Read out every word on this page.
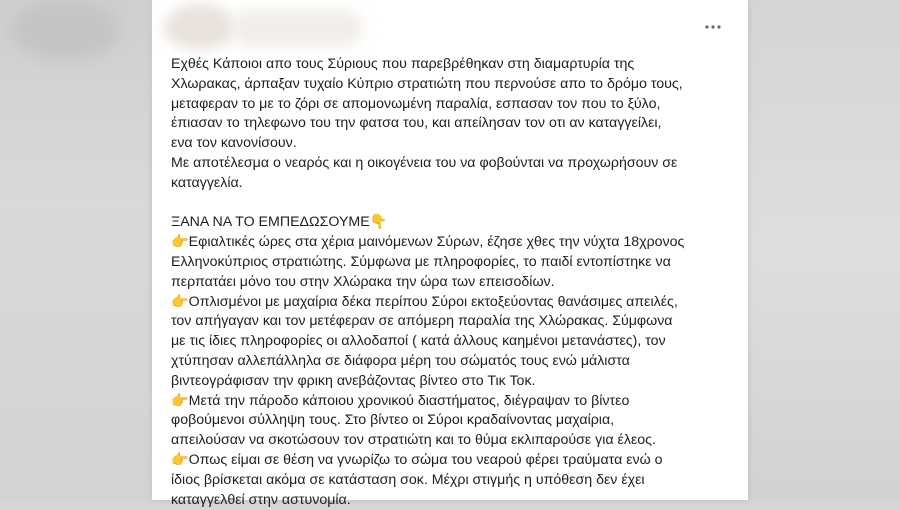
Εχθές Κάποιοι απο τους Σύριους που παρεβρέθηκαν στη διαμαρτυρία της

Χλωρακας, άρπαξαν τυχαίο Κύπριο στρατιώτη που περνούσε απο το δρόμο τους,

μεταφεραν το με το ζόρι σε απομονωμένη παραλία, εσπασαν τον που το ξύλο,

έπιασαν το τηλεφωνο του την φατσα του, και απείλησαν τον οτι αν καταγγείλει,

ενα τον κανονίσουν.

Με αποτέλεσμα ο νεαρός και η οικογένεια του να φοβούνται να προχωρήσουν σε

καταγγελία.

ΞΑΝΑ ΝΑ ΤΟ ΕΜΠΕΔΩΣΟΥΜΕ👇

👉Εφιαλτικές ώρες στα χέρια μαινόμενων Σύρων, έζησε χθες την νύχτα 18χρονος

Ελληνοκύπριος στρατιώτης. Σύμφωνα με πληροφορίες, το παιδί εντοπίστηκε να

περπατάει μόνο του στην Χλώρακα την ώρα των επεισοδίων.

👉Οπλισμένοι με μαχαίρια δέκα περίπου Σύροι εκτοξεύοντας θανάσιμες απειλές,

τον απήγαγαν και τον μετέφεραν σε απόμερη παραλία της Χλώρακας. Σύμφωνα

με τις ίδιες πληροφορίες οι αλλοδαποί ( κατά άλλους καημένοι μετανάστες), τον

χτύπησαν αλλεπάλληλα σε διάφορα μέρη του σώματός τους ενώ μάλιστα

βιντεογράφισαν την φρικη ανεβάζοντας βίντεο στο Τικ Τοκ.

👉Μετά την πάροδο κάποιου χρονικού διαστήματος, διέγραψαν το βίντεο

φοβούμενοι σύλληψη τους. Στο βίντεο οι Σύροι κραδαίνοντας μαχαίρια,

απειλούσαν να σκοτώσουν τον στρατιώτη και το θύμα εκλιπαρούσε για έλεος.

👉Οπως είμαι σε θέση να γνωρίζω το σώμα του νεαρού φέρει τραύματα ενώ ο

ίδιος βρίσκεται ακόμα σε κατάσταση σοκ. Μέχρι στιγμής η υπόθεση δεν έχει

καταγγελθεί στην αστυνομία.
